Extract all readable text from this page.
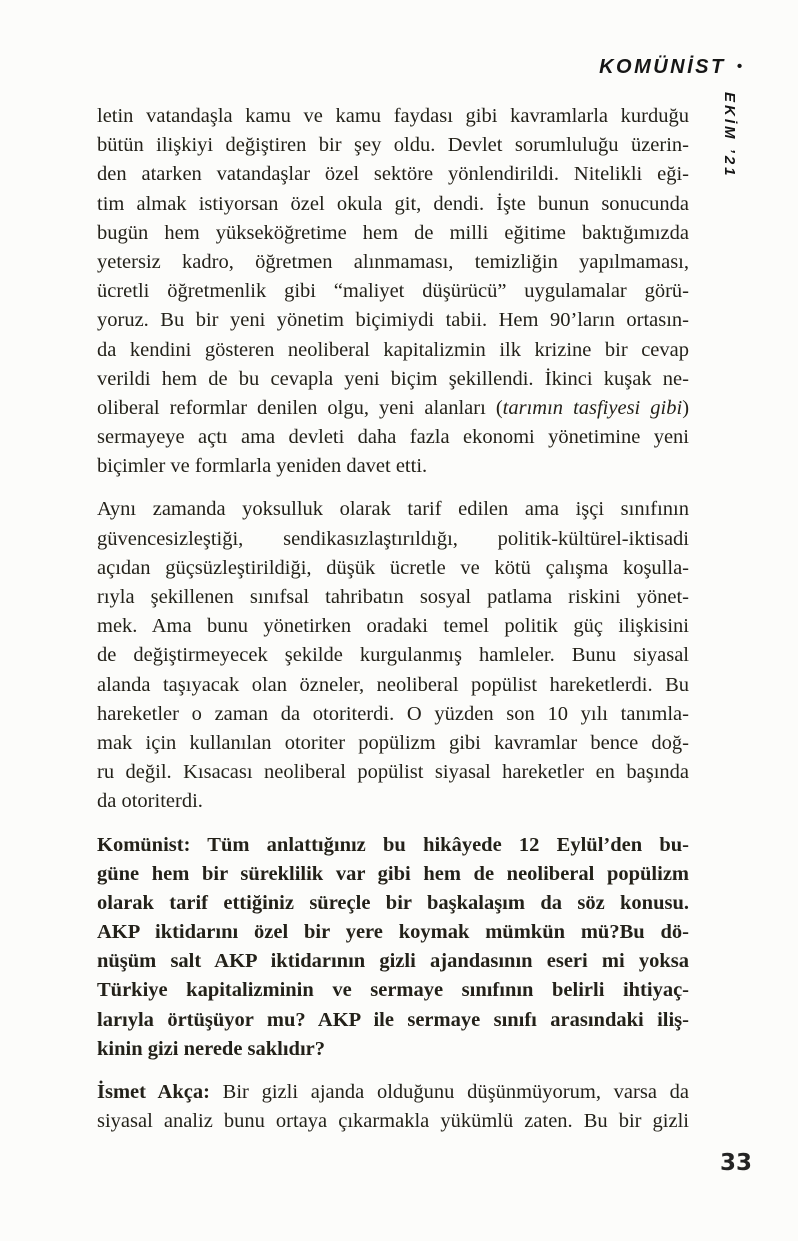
KOMÜNİST •
EKİM ’21
letin vatandaşla kamu ve kamu faydası gibi kavramlarla kurduğu
bütün ilişkiyi değiştiren bir şey oldu. Devlet sorumluluğu üzerin-
den atarken vatandaşlar özel sektöre yönlendirildi. Nitelikli eği-
tim almak istiyorsan özel okula git, dendi. İşte bunun sonucunda
bugün hem yükseköğretime hem de milli eğitime baktığımızda
yetersiz kadro, öğretmen alınmaması, temizliğin yapılmaması,
ücretli öğretmenlik gibi “maliyet düşürücü” uygulamalar görü-
yoruz. Bu bir yeni yönetim biçimiydi tabii. Hem 90’ların ortasın-
da kendini gösteren neoliberal kapitalizmin ilk krizine bir cevap
verildi hem de bu cevapla yeni biçim şekillendi. İkinci kuşak ne-
oliberal reformlar denilen olgu, yeni alanları (tarımın tasfiyesi gibi)
sermayeye açtı ama devleti daha fazla ekonomi yönetimine yeni
biçimler ve formlarla yeniden davet etti.
Aynı zamanda yoksulluk olarak tarif edilen ama işçi sınıfının
güvencesizleştiği, sendikasızlaştırıldığı, politik-kültürel-iktisadi
açıdan güçsüzleştirildiği, düşük ücretle ve kötü çalışma koşulla-
rıyla şekillenen sınıfsal tahribatın sosyal patlama riskini yönet-
mek. Ama bunu yönetirken oradaki temel politik güç ilişkisini
de değiştirmeyecek şekilde kurgulanmış hamleler. Bunu siyasal
alanda taşıyacak olan özneler, neoliberal popülist hareketlerdi. Bu
hareketler o zaman da otoriterdi. O yüzden son 10 yılı tanımla-
mak için kullanılan otoriter popülizm gibi kavramlar bence doğ-
ru değil. Kısacası neoliberal popülist siyasal hareketler en başında
da otoriterdi.
Komünist: Tüm anlattığınız bu hikâyede 12 Eylül’den bu-
güne hem bir süreklilik var gibi hem de neoliberal popülizm
olarak tarif ettiğiniz süreçle bir başkalaşım da söz konusu.
AKP iktidarını özel bir yere koymak mümkün mü?Bu dö-
nüşüm salt AKP iktidarının gizli ajandasının eseri mi yoksa
Türkiye kapitalizminin ve sermaye sınıfının belirli ihtiyaç-
larıyla örtüşüyor mu? AKP ile sermaye sınıfı arasındaki iliş-
kinin gizi nerede saklıdır?
İsmet Akça: Bir gizli ajanda olduğunu düşünmüyorum, varsa da
siyasal analiz bunu ortaya çıkarmakla yükümlü zaten. Bu bir gizli
33
